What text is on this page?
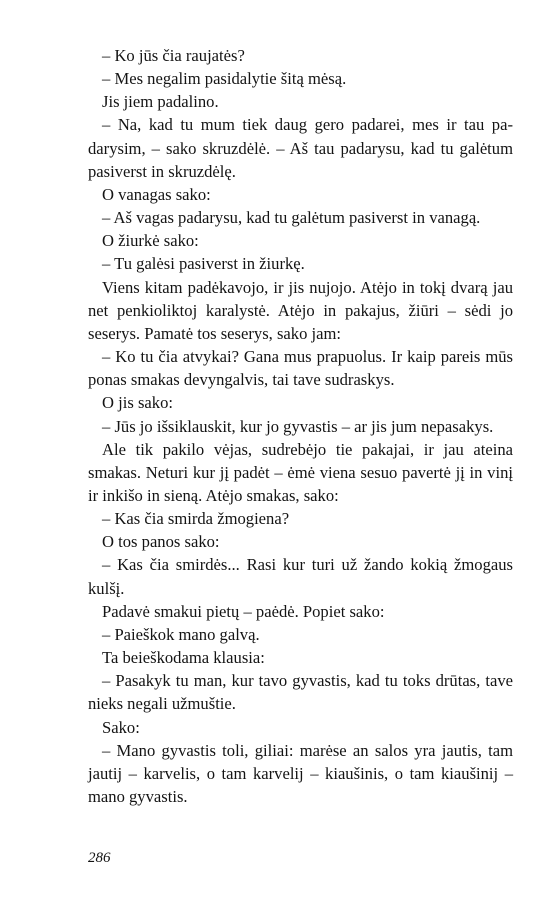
– Ko jūs čia raujatės?

– Mes negalim pasidalytie šitą mėsą.

Jis jiem padalino.

– Na, kad tu mum tiek daug gero padarei, mes ir tau padarysim, – sako skruzdėlė. – Aš tau padarysu, kad tu galėtum pasiverst in skruzdėlę.

O vanagas sako:

– Aš vagas padarysu, kad tu galėtum pasiverst in vanagą.

O žiurkė sako:

– Tu galėsi pasiverst in žiurkę.

Viens kitam padėkavojo, ir jis nujojo. Atėjo in tokį dvarą jau net penkioliktoj karalystė. Atėjo in pakajus, žiūri – sėdi jo seserys. Pamatė tos seserys, sako jam:

– Ko tu čia atvykai? Gana mus prapuolus. Ir kaip pareis mūs ponas smakas devyngalvis, tai tave sudraskys.

O jis sako:

– Jūs jo išsiklauskit, kur jo gyvastis – ar jis jum nepasakys.

Ale tik pakilo vėjas, sudrebėjo tie pakajai, ir jau ateina smakas. Neturi kur jį padėt – ėmė viena sesuo pavertė jį in vinį ir inkišo in sieną. Atėjo smakas, sako:

– Kas čia smirda žmogiena?

O tos panos sako:

– Kas čia smirdės... Rasi kur turi už žando kokią žmogaus kulšį.

Padavė smakui pietų – paėdė. Popiet sako:

– Paieškok mano galvą.

Ta beieškodama klausia:

– Pasakyk tu man, kur tavo gyvastis, kad tu toks drūtas, tave nieks negali užmuštie.

Sako:

– Mano gyvastis toli, giliai: marėse an salos yra jautis, tam jautij – karvelis, o tam karvelij – kiaušinis, o tam kiaušinij – mano gyvastis.

286
